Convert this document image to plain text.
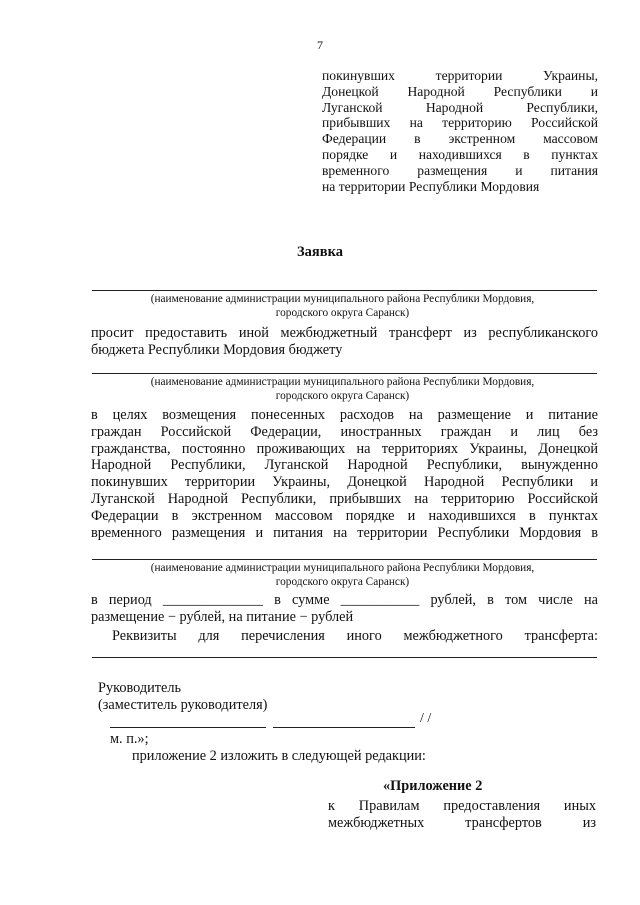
7
покинувших территории Украины,
Донецкой Народной Республики и
Луганской Народной Республики,
прибывших на территорию Российской
Федерации в экстренном массовом
порядке и находившихся в пунктах
временного размещения и питания
на территории Республики Мордовия
Заявка
(наименование администрации муниципального района Республики Мордовия,
городского округа Саранск)
просит предоставить иной межбюджетный трансферт из республиканского
бюджета Республики Мордовия бюджету
(наименование администрации муниципального района Республики Мордовия,
городского округа Саранск)
в целях возмещения понесенных расходов на размещение и питание
граждан Российской Федерации, иностранных граждан и лиц без
гражданства, постоянно проживающих на территориях Украины, Донецкой
Народной Республики, Луганской Народной Республики, вынужденно
покинувших территории Украины, Донецкой Народной Республики и
Луганской Народной Республики, прибывших на территорию Российской
Федерации в экстренном массовом порядке и находившихся в пунктах
временного размещения и питания на территории Республики Мордовия в
(наименование администрации муниципального района Республики Мордовия,
городского округа Саранск)
в период ______________ в сумме ___________ рублей, в том числе на
размещение − рублей, на питание − рублей
Реквизиты для перечисления иного межбюджетного трансферта:
Руководитель
(заместитель руководителя)
/ /
м. п.»;
приложение 2 изложить в следующей редакции:
«Приложение 2
к Правилам предоставления иных
межбюджетных трансфертов из
